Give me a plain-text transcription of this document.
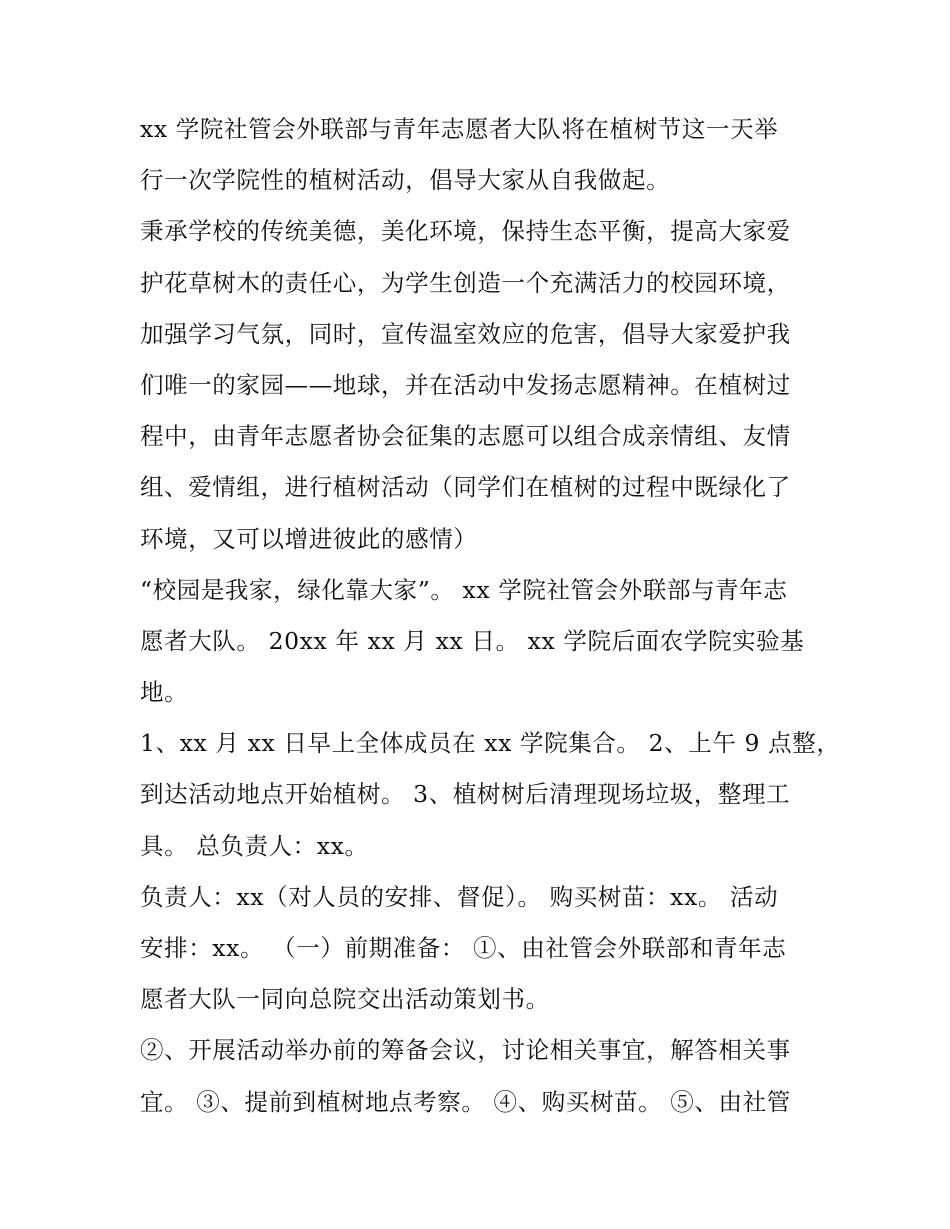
xx 学院社管会外联部与青年志愿者大队将在植树节这一天举
行一次学院性的植树活动，倡导大家从自我做起。

秉承学校的传统美德，美化环境，保持生态平衡，提高大家爱
护花草树木的责任心，为学生创造一个充满活力的校园环境，
加强学习气氛，同时，宣传温室效应的危害，倡导大家爱护我
们唯一的家园——地球，并在活动中发扬志愿精神。在植树过
程中，由青年志愿者协会征集的志愿可以组合成亲情组、友情
组、爱情组，进行植树活动（同学们在植树的过程中既绿化了
环境，又可以增进彼此的感情）

“校园是我家，绿化靠大家”。 xx 学院社管会外联部与青年志
愿者大队。 20xx 年 xx 月 xx 日。 xx 学院后面农学院实验基
地。

1、xx 月 xx 日早上全体成员在 xx 学院集合。 2、上午 9 点整，
到达活动地点开始植树。 3、植树树后清理现场垃圾，整理工
具。 总负责人：xx。

负责人：xx（对人员的安排、督促）。 购买树苗：xx。 活动
安排：xx。 （一）前期准备： ①、由社管会外联部和青年志
愿者大队一同向总院交出活动策划书。

②、开展活动举办前的筹备会议，讨论相关事宜，解答相关事
宜。 ③、提前到植树地点考察。 ④、购买树苗。 ⑤、由社管
